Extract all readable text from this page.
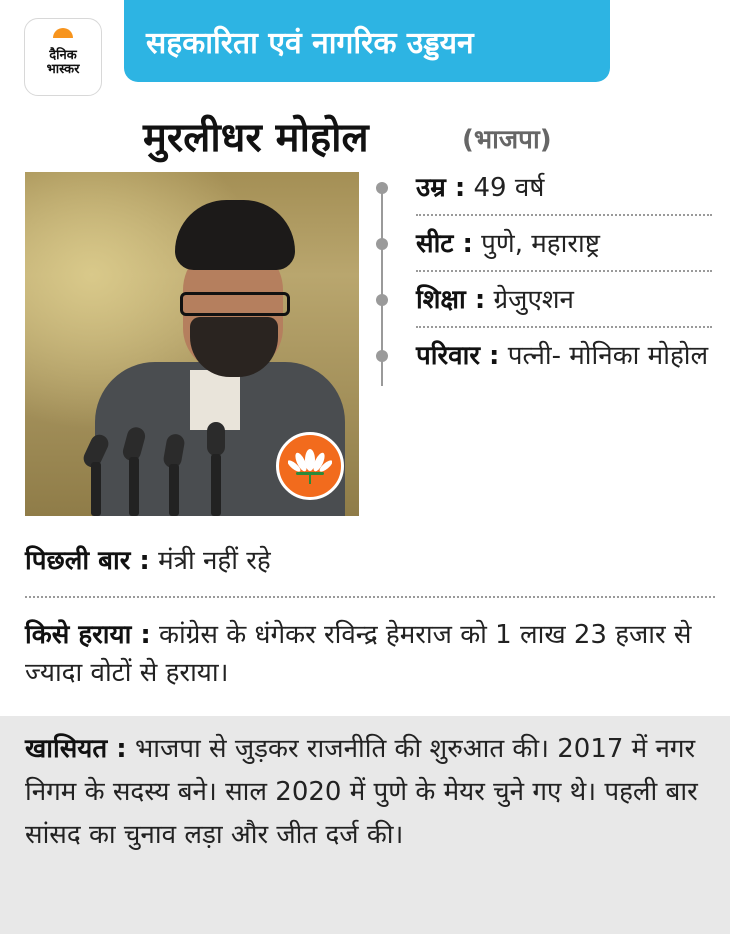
दैनिक
भास्कर
सहकारिता एवं नागरिक उड्डयन
मुरलीधर मोहोल	(भाजपा)
उम्र : 49 वर्ष
सीट : पुणे, महाराष्ट्र
शिक्षा : ग्रेजुएशन
परिवार : पत्नी- मोनिका मोहोल
पिछली बार : मंत्री नहीं रहे
किसे हराया : कांग्रेस के धंगेकर रविन्द्र हेमराज को 1 लाख 23 हजार से ज्यादा वोटों से हराया।
खासियत : भाजपा से जुड़कर राजनीति की शुरुआत की। 2017 में नगर निगम के सदस्य बने। साल 2020 में पुणे के मेयर चुने गए थे। पहली बार सांसद का चुनाव लड़ा और जीत दर्ज की।
